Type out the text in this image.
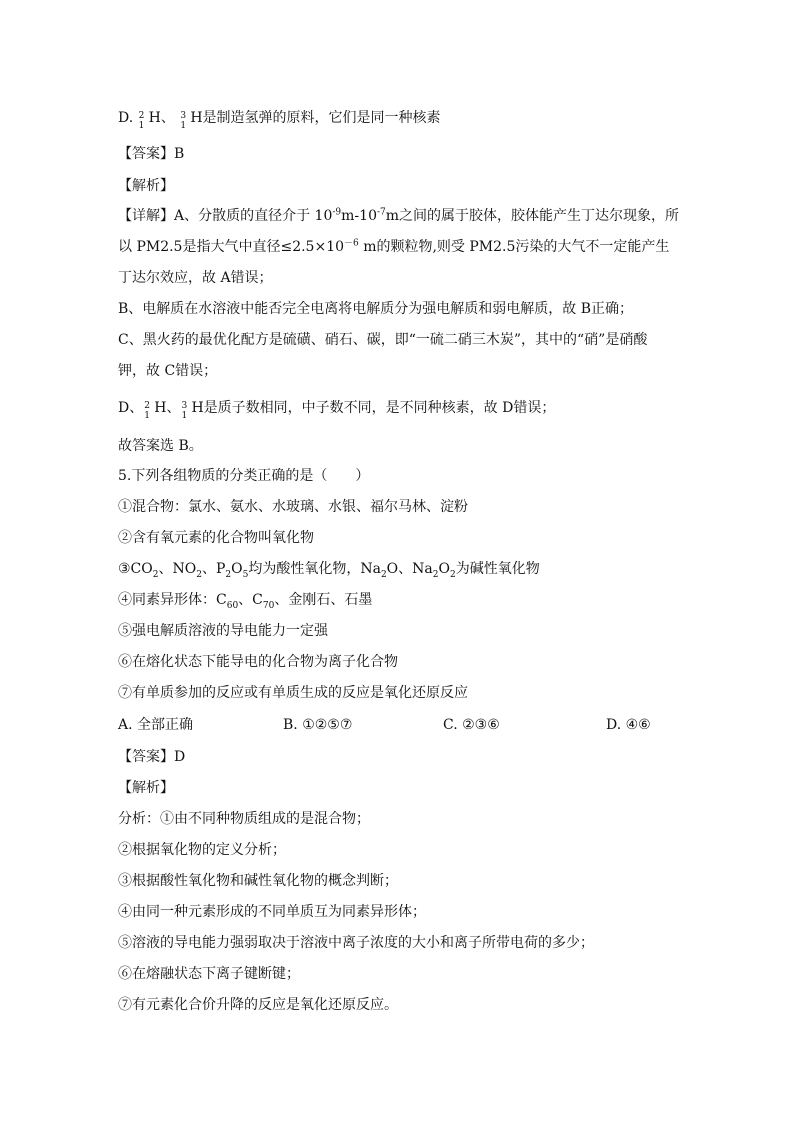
D. 2
1 H、 3
1 H是制造氢弹的原料，它们是同一种核素
【答案】B
【解析】
【详解】A、分散质的直径介于 $10^{-9}m-10^{-7}m$之间的属于胶体，胶体能产生丁达尔现象，所
以 PM2.5是指大气中直径$\le 2.5\times 10^{-6}$ m的颗粒物,则受 PM2.5污染的大气不一定能产生
丁达尔效应，故 A错误；
B、电解质在水溶液中能否完全电离将电解质分为强电解质和弱电解质，故 B正确；
C、黑火药的最优化配方是硫磺、硝石、碳，即“一硫二硝三木炭”，其中的“硝”是硝酸
钾，故 C错误；
D、 2
1 H、 3
1 H是质子数相同，中子数不同，是不同种核素，故 D错误；
故答案选 B。
5.下列各组物质的分类正确的是（　　）
①混合物：氯水、氨水、水玻璃、水银、福尔马林、淀粉
②含有氧元素的化合物叫氧化物
$③CO_2$、$NO_2$、$P_2O_5$均为酸性氧化物，$Na_2O$、$Na_2O_2$为碱性氧化物
④同素异形体：$C_{60}$、$C_{70}$、金刚石、石墨
⑤强电解质溶液的导电能力一定强
⑥在熔化状态下能导电的化合物为离子化合物
⑦有单质参加的反应或有单质生成的反应是氧化还原反应
A. 全部正确	B. ①②⑤⑦	C. ②③⑥	D. ④⑥
【答案】D
【解析】
分析：①由不同种物质组成的是混合物；
②根据氧化物的定义分析；
③根据酸性氧化物和碱性氧化物的概念判断；
④由同一种元素形成的不同单质互为同素异形体；
⑤溶液的导电能力强弱取决于溶液中离子浓度的大小和离子所带电荷的多少；
⑥在熔融状态下离子键断键；
⑦有元素化合价升降的反应是氧化还原反应。
